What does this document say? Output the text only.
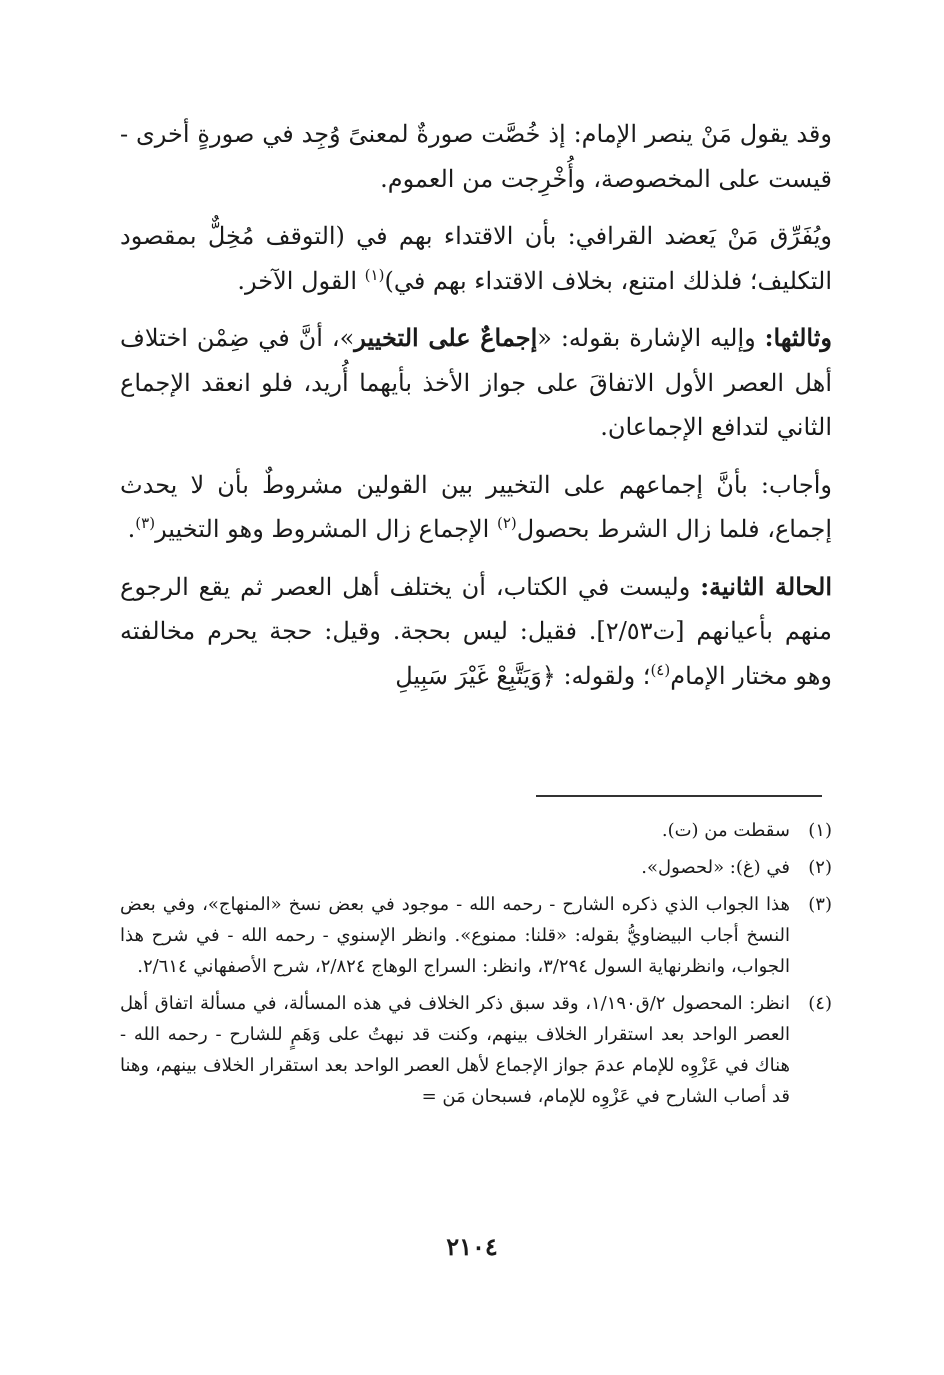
وقد يقول مَنْ ينصر الإمام: إذ خُصَّت صورةٌ لمعنىً وُجِد في صورةٍ أخرى - قيست على المخصوصة، وأُخْرِجت من العموم.

ويُفَرِّق مَنْ يَعضد القرافي: بأن الاقتداء بهم في (التوقف مُخِلٌّ بمقصود التكليف؛ فلذلك امتنع، بخلاف الاقتداء بهم في)$^{(١)}$ القول الآخر.

وثالثها: وإليه الإشارة بقوله: «إجماعٌ على التخيير»، أنَّ في ضِمْن اختلاف أهل العصر الأول الاتفاقَ على جواز الأخذ بأيهما أُريد، فلو انعقد الإجماع الثاني لتدافع الإجماعان.

وأجاب: بأنَّ إجماعهم على التخيير بين القولين مشروطٌ بأن لا يحدث إجماع، فلما زال الشرط بحصول$^{(٢)}$ الإجماع زال المشروط وهو التخيير$^{(٣)}$.

الحالة الثانية: وليست في الكتاب، أن يختلف أهل العصر ثم يقع الرجوع منهم بأعيانهم [ت٢/٥٣]. فقيل: ليس بحجة. وقيل: حجة يحرم مخالفته وهو مختار الإمام$^{(٤)}$؛ ولقوله: ﴿وَيَتَّبِعْ غَيْرَ سَبِيلِ

(١)
سقطت من (ت).
(٢)
في (غ): «لحصول».
(٣)
هذا الجواب الذي ذكره الشارح - رحمه الله - موجود في بعض نسخ «المنهاج»، وفي بعض النسخ أجاب البيضاويُّ بقوله: «قلنا: ممنوع». وانظر الإسنوي - رحمه الله - في شرح هذا الجواب، وانظرنهاية السول ٣/٢٩٤، وانظر: السراج الوهاج ٢/٨٢٤، شرح الأصفهاني ٢/٦١٤.
(٤)
انظر: المحصول ٢/ق١/١٩٠، وقد سبق ذكر الخلاف في هذه المسألة، في مسألة اتفاق أهل العصر الواحد بعد استقرار الخلاف بينهم، وكنت قد نبهتُ على وَهَمٍ للشارح - رحمه الله - هناك في عَزْوِه للإمام عدمَ جواز الإجماع لأهل العصر الواحد بعد استقرار الخلاف بينهم، وهنا قد أصاب الشارح في عَزْوِه للإمام، فسبحان مَن =
٢١٠٤
